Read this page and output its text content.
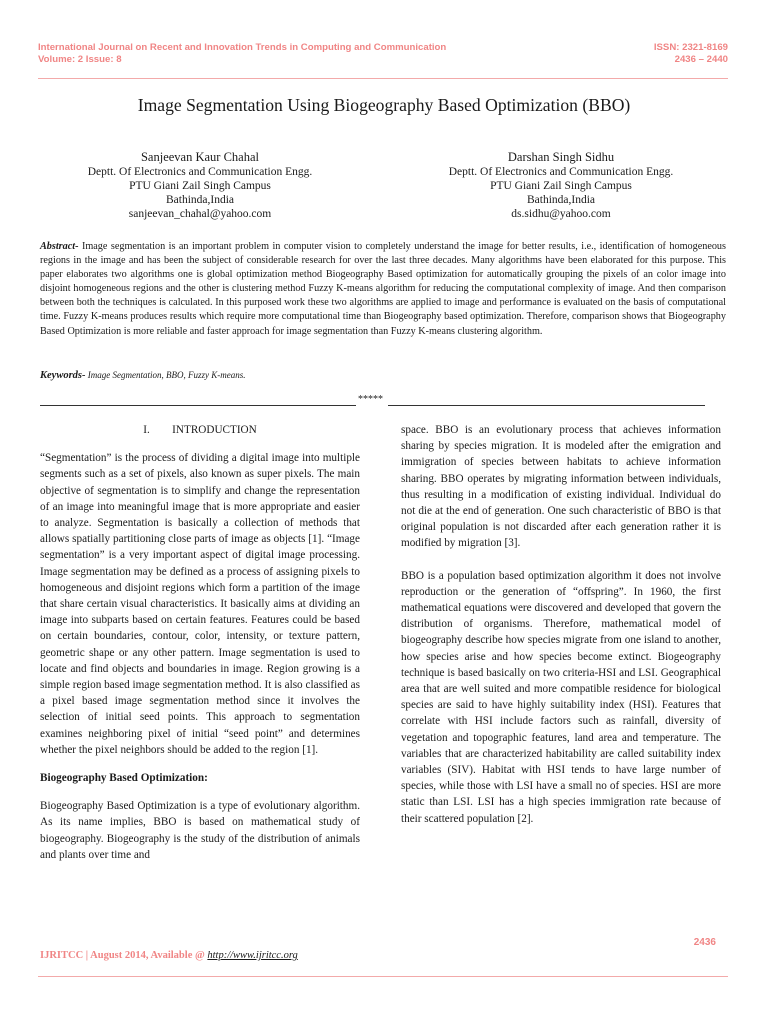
International Journal on Recent and Innovation Trends in Computing and Communication
Volume: 2 Issue: 8
ISSN: 2321-8169
2436 – 2440
Image Segmentation Using Biogeography Based Optimization (BBO)
Sanjeevan Kaur Chahal
Deptt. Of Electronics and Communication Engg.
PTU Giani Zail Singh Campus
Bathinda,India
sanjeevan_chahal@yahoo.com
Darshan Singh Sidhu
Deptt. Of Electronics and Communication Engg.
PTU Giani Zail Singh Campus
Bathinda,India
ds.sidhu@yahoo.com
Abstract- Image segmentation is an important problem in computer vision to completely understand the image for better results, i.e., identification of homogeneous regions in the image and has been the subject of considerable research for over the last three decades. Many algorithms have been elaborated for this purpose. This paper elaborates two algorithms one is global optimization method Biogeography Based optimization for automatically grouping the pixels of an color image into disjoint homogeneous regions and the other is clustering method Fuzzy K-means algorithm for reducing the computational complexity of image. And then comparison between both the techniques is calculated. In this purposed work these two algorithms are applied to image and performance is evaluated on the basis of computational time. Fuzzy K-means produces results which require more computational time than Biogeography based optimization. Therefore, comparison shows that Biogeography Based Optimization is more reliable and faster approach for image segmentation than Fuzzy K-means clustering algorithm.
Keywords- Image Segmentation, BBO, Fuzzy K-means.
*****
I.        INTRODUCTION

“Segmentation” is the process of dividing a digital image into multiple segments such as a set of pixels, also known as super pixels. The main objective of segmentation is to simplify and change the representation of an image into meaningful image that is more appropriate and easier to analyze. Segmentation is basically a collection of methods that allows spatially partitioning close parts of image as objects [1]. “Image segmentation” is a very important aspect of digital image processing. Image segmentation may be defined as a process of assigning pixels to homogeneous and disjoint regions which form a partition of the image that share certain visual characteristics. It basically aims at dividing an image into subparts based on certain features. Features could be based on certain boundaries, contour, color, intensity, or texture pattern, geometric shape or any other pattern. Image segmentation is used to locate and find objects and boundaries in image. Region growing is a simple region based image segmentation method. It is also classified as a pixel based image segmentation method since it involves the selection of initial seed points. This approach to segmentation examines neighboring pixel of initial “seed point” and determines whether the pixel neighbors should be added to the region [1].

Biogeography Based Optimization:

Biogeography Based Optimization is a type of evolutionary algorithm. As its name implies, BBO is based on mathematical study of biogeography. Biogeography is the study of the distribution of animals and plants over time and

space. BBO is an evolutionary process that achieves information sharing by species migration. It is modeled after the emigration and immigration of species between habitats to achieve information sharing. BBO operates by migrating information between individuals, thus resulting in a modification of existing individual. Individual do not die at the end of generation. One such characteristic of BBO is that original population is not discarded after each generation rather it is modified by migration [3].

BBO is a population based optimization algorithm it does not involve reproduction or the generation of “offspring”. In 1960, the first mathematical equations were discovered and developed that govern the distribution of organisms. Therefore, mathematical model of biogeography describe how species migrate from one island to another, how species arise and how species become extinct. Biogeography technique is based basically on two criteria-HSI and LSI. Geographical area that are well suited and more compatible residence for biological species are said to have highly suitability index (HSI). Features that correlate with HSI include factors such as rainfall, diversity of vegetation and topographic features, land area and temperature. The variables that are characterized habitability are called suitability index variables (SIV). Habitat with HSI tends to have large number of species, while those with LSI have a small no of species. HSI are more static than LSI. LSI has a high species immigration rate because of their scattered population [2].

2436
IJRITCC | August 2014, Available @ http://www.ijritcc.org
